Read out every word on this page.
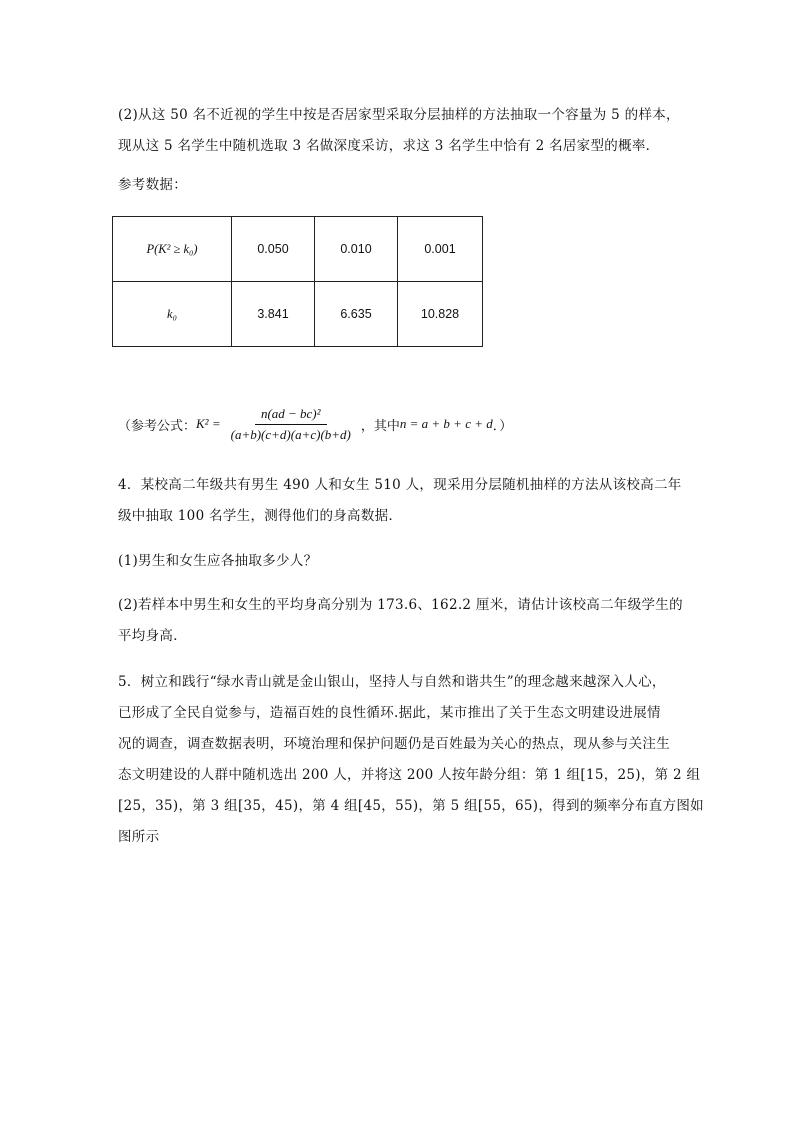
(2)从这 50 名不近视的学生中按是否居家型采取分层抽样的方法抽取一个容量为 5 的样本，
现从这 5 名学生中随机选取 3 名做深度采访，求这 3 名学生中恰有 2 名居家型的概率．
参考数据：
P(K² ≥ k₀)	0.050	0.010	0.001
k₀	3.841	6.635	10.828
（参考公式： $K^2 = \frac{\text{n(ad − bc)²}}{(a+b)(c+d)(a+c)(b+d)}$ ，其中 n = a + b + c + d ．）
4．某校高二年级共有男生 490 人和女生 510 人，现采用分层随机抽样的方法从该校高二年
级中抽取 100 名学生，测得他们的身高数据．
(1)男生和女生应各抽取多少人？
(2)若样本中男生和女生的平均身高分别为 173.6、162.2 厘米，请估计该校高二年级学生的
平均身高．
5．树立和践行“绿水青山就是金山银山，坚持人与自然和谐共生”的理念越来越深入人心，
已形成了全民自觉参与，造福百姓的良性循环.据此，某市推出了关于生态文明建设进展情
况的调查，调查数据表明，环境治理和保护问题仍是百姓最为关心的热点，现从参与关注生
态文明建设的人群中随机选出 200 人，并将这 200 人按年龄分组：第 1 组[15，25)，第 2 组
[25，35)，第 3 组[35，45)，第 4 组[45，55)，第 5 组[55，65)，得到的频率分布直方图如
图所示
